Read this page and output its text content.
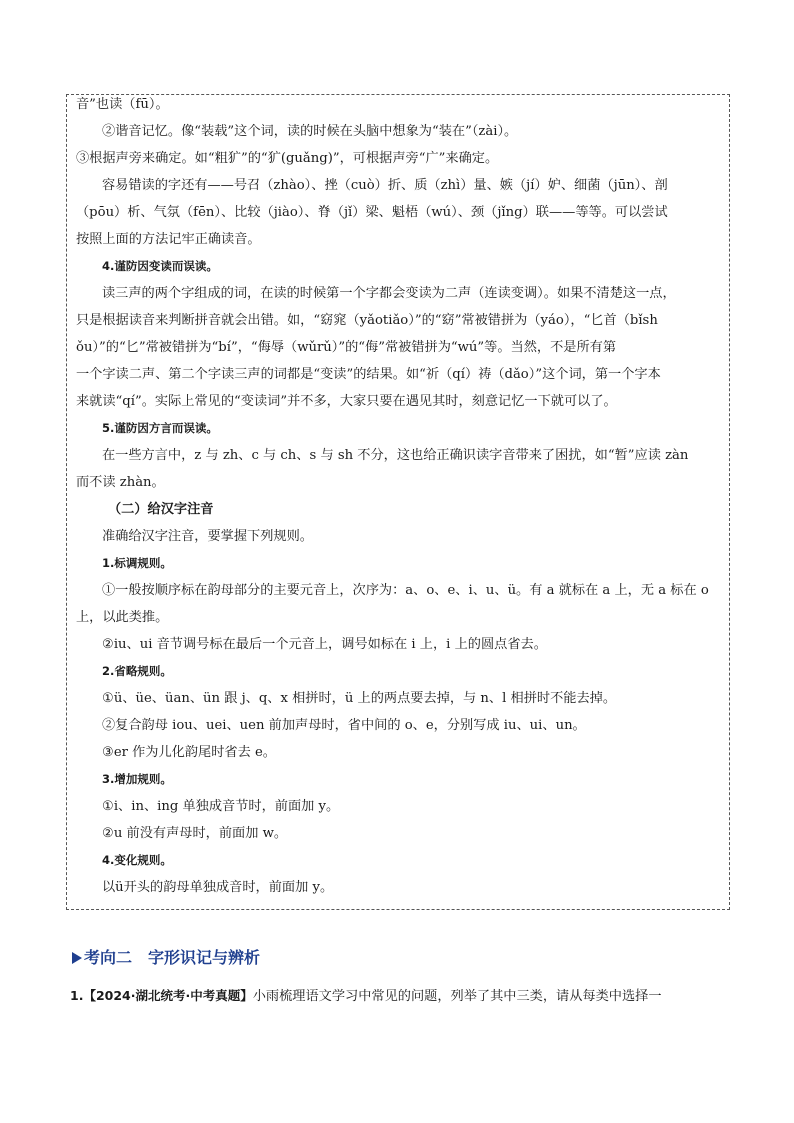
音”也读（fū）。
②谐音记忆。像“装载”这个词，读的时候在头脑中想象为“装在”（zài）。
③根据声旁来确定。如“粗犷”的“犷(guǎng)”，可根据声旁“广”来确定。
容易错读的字还有——号召（zhào）、挫（cuò）折、质（zhì）量、嫉（jí）妒、细菌（jūn）、剖
（pōu）析、气氛（fēn）、比较（jiào）、脊（jǐ）梁、魁梧（wú）、颈（jǐng）联——等等。可以尝试
按照上面的方法记牢正确读音。
4.谨防因变读而误读。
读三声的两个字组成的词，在读的时候第一个字都会变读为二声（连读变调）。如果不清楚这一点，
只是根据读音来判断拼音就会出错。如，“窈窕（yǎotiǎo）”的“窈”常被错拼为（yáo），“匕首（bǐsh
ǒu）”的“匕”常被错拼为“bí”，“侮辱（wǔrǔ）”的“侮”常被错拼为“wú”等。当然，不是所有第
一个字读二声、第二个字读三声的词都是“变读”的结果。如“祈（qí）祷（dǎo）”这个词，第一个字本
来就读“qí”。实际上常见的“变读词”并不多，大家只要在遇见其时，刻意记忆一下就可以了。
5.谨防因方言而误读。
在一些方言中，z 与 zh、c 与 ch、s 与 sh 不分，这也给正确识读字音带来了困扰，如“暂”应读 zàn
而不读 zhàn。
（二）给汉字注音
准确给汉字注音，要掌握下列规则。
1.标调规则。
①一般按顺序标在韵母部分的主要元音上，次序为：a、o、e、i、u、ü。有 a 就标在 a 上，无 a 标在 o
上，以此类推。
②iu、ui 音节调号标在最后一个元音上，调号如标在 i 上，i 上的圆点省去。
2.省略规则。
①ü、üe、üan、ün 跟 j、q、x 相拼时，ü 上的两点要去掉，与 n、l 相拼时不能去掉。
②复合韵母 iou、uei、uen 前加声母时，省中间的 o、e，分别写成 iu、ui、un。
③er 作为儿化韵尾时省去 e。
3.增加规则。
①i、in、ing 单独成音节时，前面加 y。
②u 前没有声母时，前面加 w。
4.变化规则。
以ü开头的韵母单独成音时，前面加 y。
考向二 字形识记与辨析
1.【2024·湖北统考·中考真题】小雨梳理语文学习中常见的问题，列举了其中三类，请从每类中选择一
